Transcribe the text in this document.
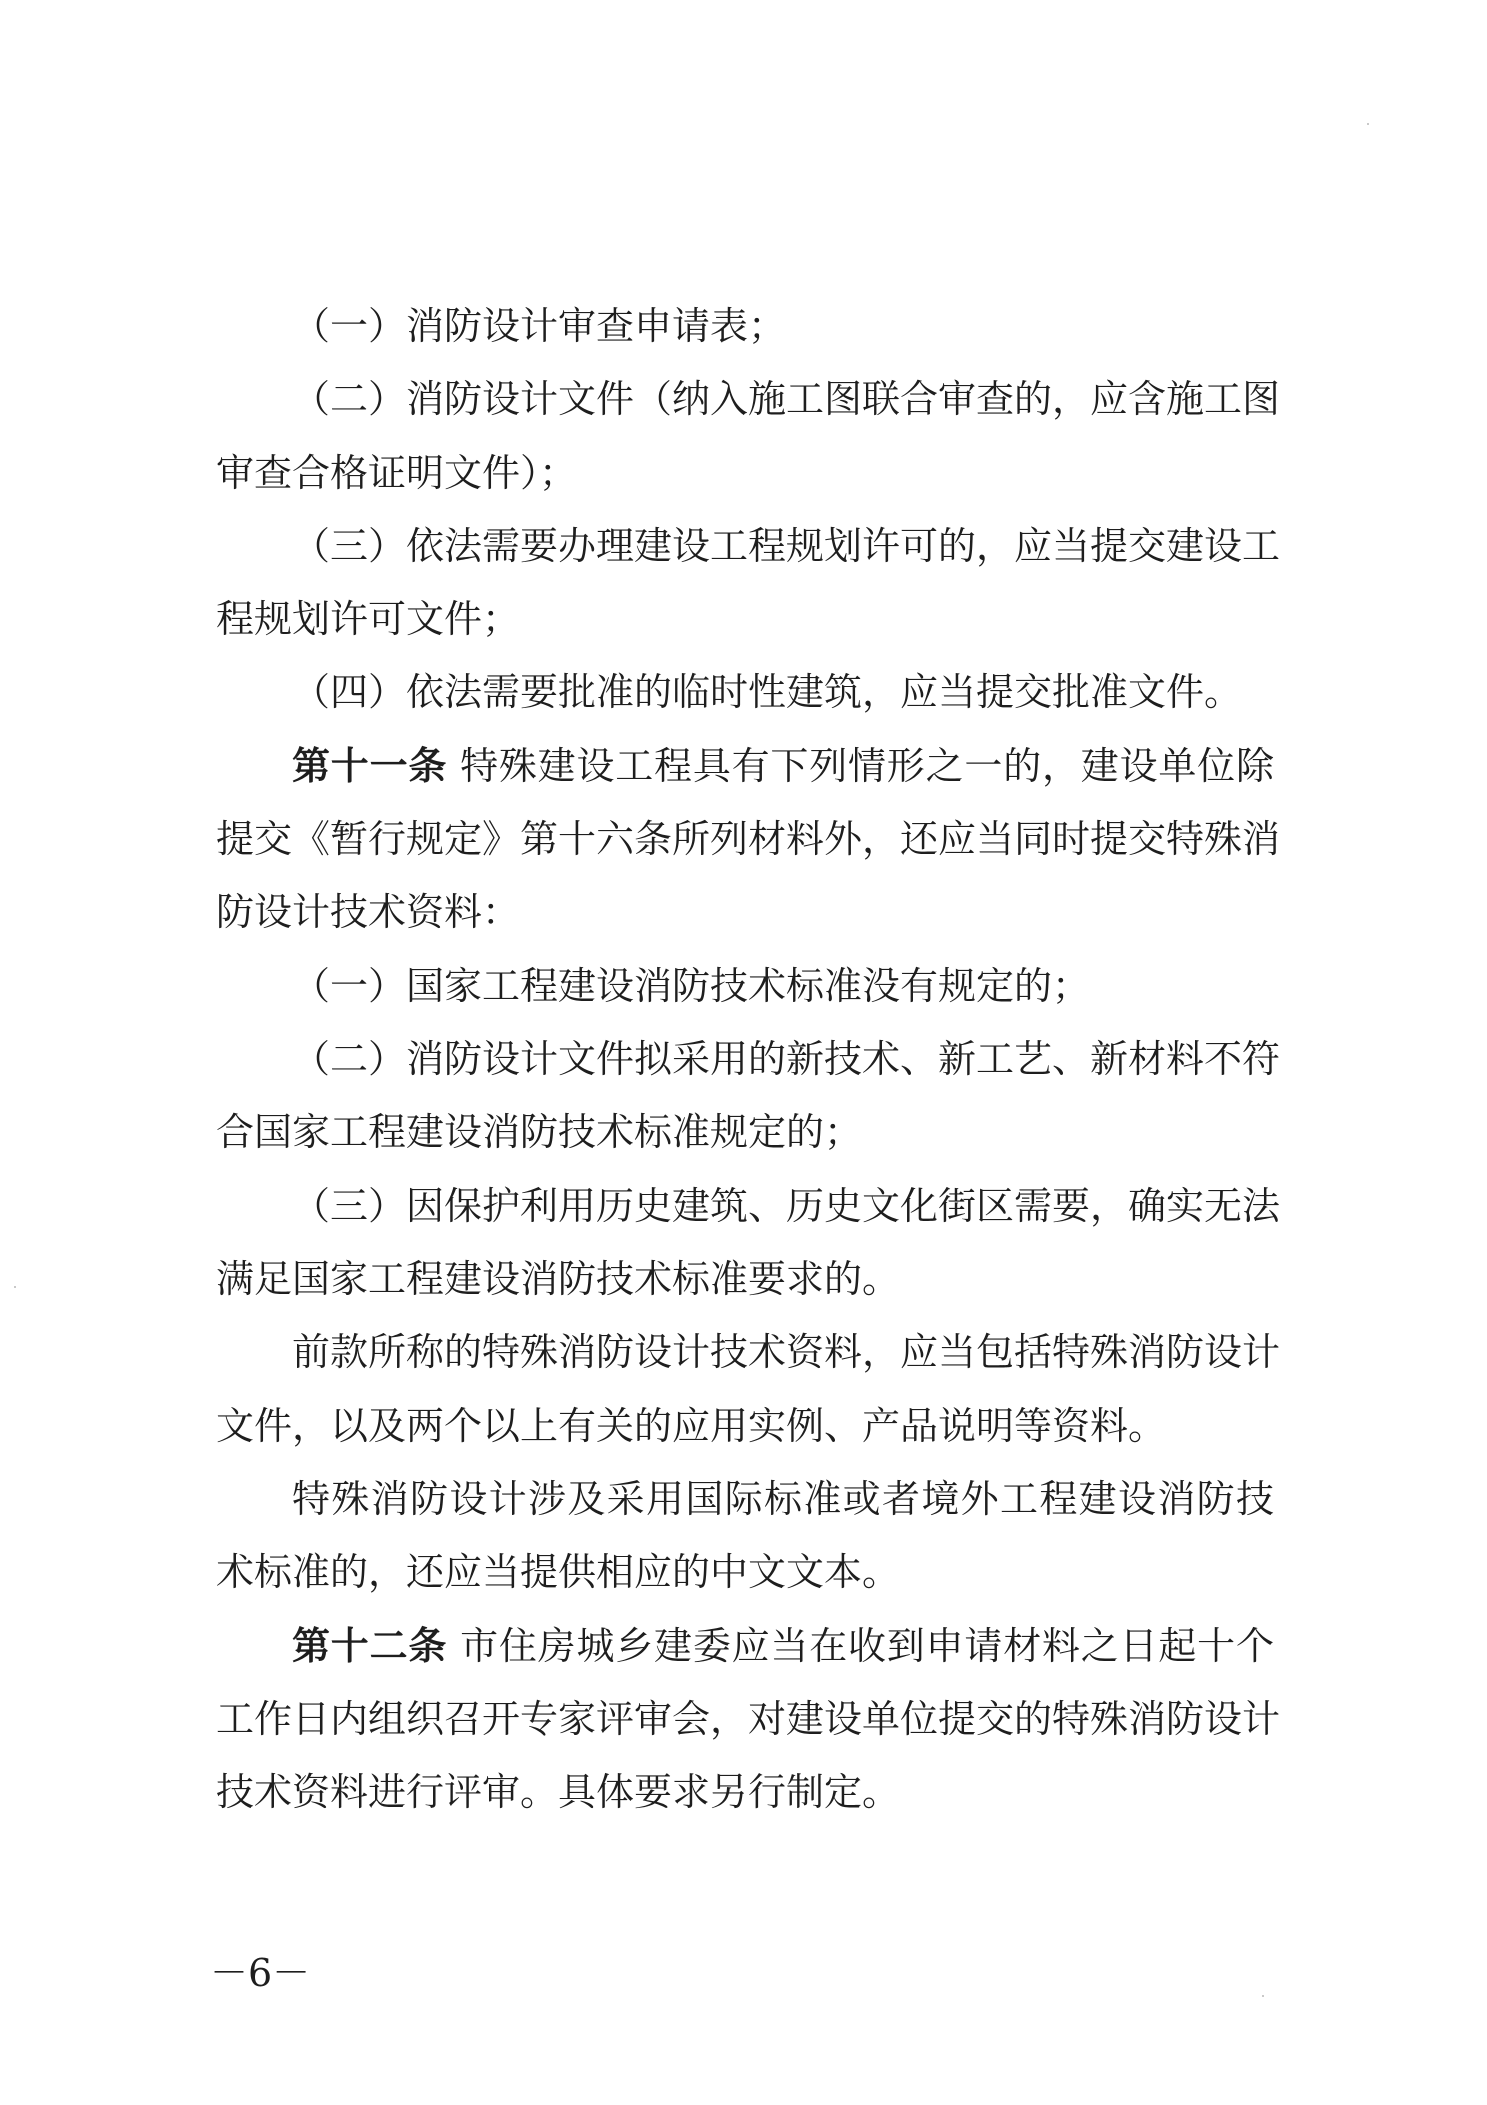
（一）消防设计审查申请表；
（二）消防设计文件（纳入施工图联合审查的，应含施工图
审查合格证明文件）；
（三）依法需要办理建设工程规划许可的，应当提交建设工
程规划许可文件；
（四）依法需要批准的临时性建筑，应当提交批准文件。
第十一条 特殊建设工程具有下列情形之一的，建设单位除
提交《暂行规定》第十六条所列材料外，还应当同时提交特殊消
防设计技术资料：
（一）国家工程建设消防技术标准没有规定的；
（二）消防设计文件拟采用的新技术、新工艺、新材料不符
合国家工程建设消防技术标准规定的；
（三）因保护利用历史建筑、历史文化街区需要，确实无法
满足国家工程建设消防技术标准要求的。
前款所称的特殊消防设计技术资料，应当包括特殊消防设计
文件，以及两个以上有关的应用实例、产品说明等资料。
特殊消防设计涉及采用国际标准或者境外工程建设消防技
术标准的，还应当提供相应的中文文本。
第十二条 市住房城乡建委应当在收到申请材料之日起十个
工作日内组织召开专家评审会，对建设单位提交的特殊消防设计
技术资料进行评审。具体要求另行制定。
－6－
